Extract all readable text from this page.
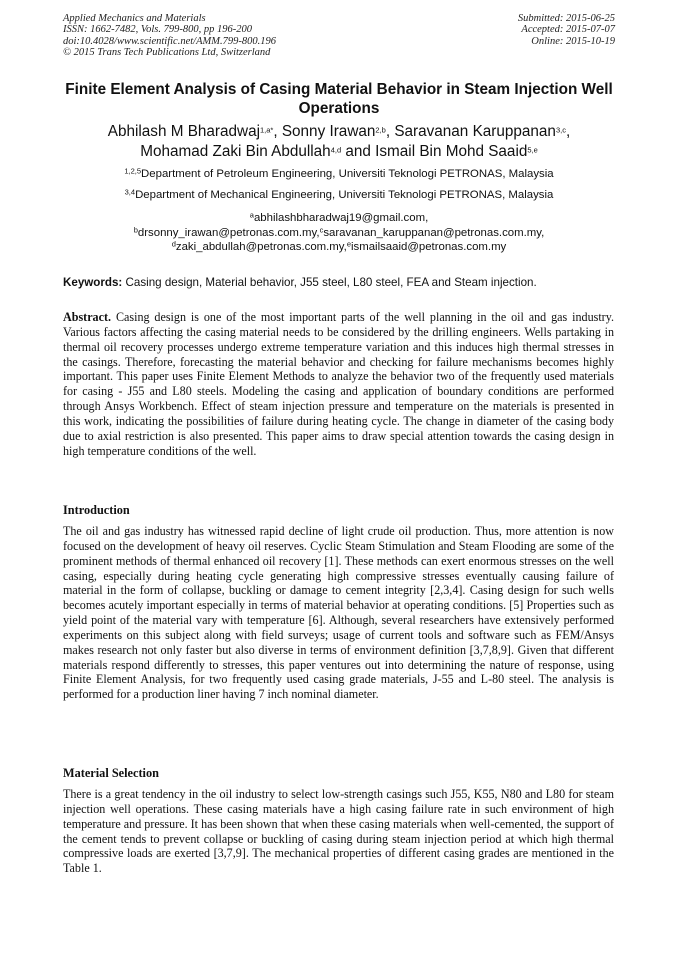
Applied Mechanics and Materials
ISSN: 1662-7482, Vols. 799-800, pp 196-200
doi:10.4028/www.scientific.net/AMM.799-800.196
© 2015 Trans Tech Publications Ltd, Switzerland
Submitted: 2015-06-25
Accepted: 2015-07-07
Online: 2015-10-19
Finite Element Analysis of Casing Material Behavior in Steam Injection Well Operations
Abhilash M Bharadwaj$^{1,a*}$, Sonny Irawan$^{2,b}$, Saravanan Karuppanan$^{3,c}$,
Mohamad Zaki Bin Abdullah$^{4,d}$ and Ismail Bin Mohd Saaid$^{5,e}$
$^{1,2,5}$Department of Petroleum Engineering, Universiti Teknologi PETRONAS, Malaysia
$^{3,4}$Department of Mechanical Engineering, Universiti Teknologi PETRONAS, Malaysia
$^a$abhilashbharadwaj19@gmail.com,
$^b$drsonny_irawan@petronas.com.my,$^c$saravanan_karuppanan@petronas.com.my,
$^d$zaki_abdullah@petronas.com.my,$^e$ismailsaaid@petronas.com.my
Keywords: Casing design, Material behavior, J55 steel, L80 steel, FEA and Steam injection.
Abstract. Casing design is one of the most important parts of the well planning in the oil and gas industry. Various factors affecting the casing material needs to be considered by the drilling engineers. Wells partaking in thermal oil recovery processes undergo extreme temperature variation and this induces high thermal stresses in the casings. Therefore, forecasting the material behavior and checking for failure mechanisms becomes highly important. This paper uses Finite Element Methods to analyze the behavior two of the frequently used materials for casing - J55 and L80 steels. Modeling the casing and application of boundary conditions are performed through Ansys Workbench. Effect of steam injection pressure and temperature on the materials is presented in this work, indicating the possibilities of failure during heating cycle. The change in diameter of the casing body due to axial restriction is also presented. This paper aims to draw special attention towards the casing design in high temperature conditions of the well.
Introduction
The oil and gas industry has witnessed rapid decline of light crude oil production. Thus, more attention is now focused on the development of heavy oil reserves. Cyclic Steam Stimulation and Steam Flooding are some of the prominent methods of thermal enhanced oil recovery [1]. These methods can exert enormous stresses on the well casing, especially during heating cycle generating high compressive stresses eventually causing failure of material in the form of collapse, buckling or damage to cement integrity [2,3,4]. Casing design for such wells becomes acutely important especially in terms of material behavior at operating conditions. [5] Properties such as yield point of the material vary with temperature [6]. Although, several researchers have extensively performed experiments on this subject along with field surveys; usage of current tools and software such as FEM/Ansys makes research not only faster but also diverse in terms of environment definition [3,7,8,9]. Given that different materials respond differently to stresses, this paper ventures out into determining the nature of response, using Finite Element Analysis, for two frequently used casing grade materials, J-55 and L-80 steel. The analysis is performed for a production liner having 7 inch nominal diameter.
Material Selection
There is a great tendency in the oil industry to select low-strength casings such J55, K55, N80 and L80 for steam injection well operations. These casing materials have a high casing failure rate in such environment of high temperature and pressure. It has been shown that when these casing materials when well-cemented, the support of the cement tends to prevent collapse or buckling of casing during steam injection period at which high thermal compressive loads are exerted [3,7,9]. The mechanical properties of different casing grades are mentioned in the Table 1.
